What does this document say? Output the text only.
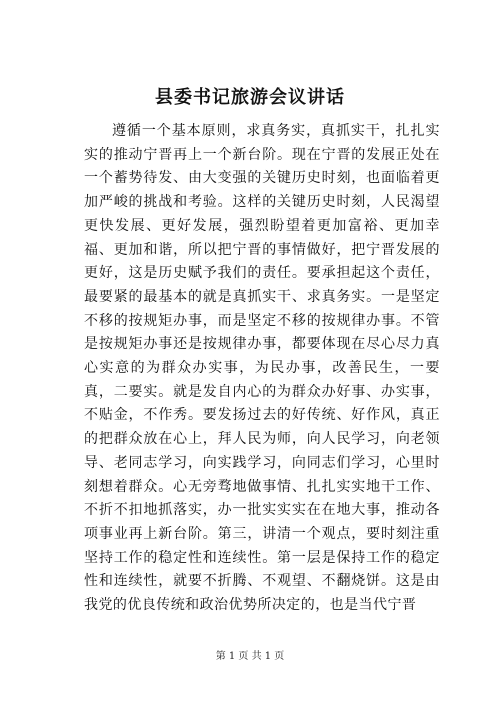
县委书记旅游会议讲话

遵循一个基本原则，求真务实，真抓实干，扎扎实实的推动宁晋再上一个新台阶。现在宁晋的发展正处在一个蓄势待发、由大变强的关键历史时刻，也面临着更加严峻的挑战和考验。这样的关键历史时刻，人民渴望更快发展、更好发展，强烈盼望着更加富裕、更加幸福、更加和谐，所以把宁晋的事情做好，把宁晋发展的更好，这是历史赋予我们的责任。要承担起这个责任，最要紧的最基本的就是真抓实干、求真务实。一是坚定不移的按规矩办事，而是坚定不移的按规律办事。不管是按规矩办事还是按规律办事，都要体现在尽心尽力真心实意的为群众办实事，为民办事，改善民生，一要真，二要实。就是发自内心的为群众办好事、办实事，不贴金，不作秀。要发扬过去的好传统、好作风，真正的把群众放在心上，拜人民为师，向人民学习，向老领导、老同志学习，向实践学习，向同志们学习，心里时刻想着群众。心无旁骛地做事情、扎扎实实地干工作、不折不扣地抓落实，办一批实实实在在地大事，推动各项事业再上新台阶。第三，讲清一个观点，要时刻注重坚持工作的稳定性和连续性。第一层是保持工作的稳定性和连续性，就要不折腾、不观望、不翻烧饼。这是由我党的优良传统和政治优势所决定的，也是当代宁晋

第 1 页 共 1 页
